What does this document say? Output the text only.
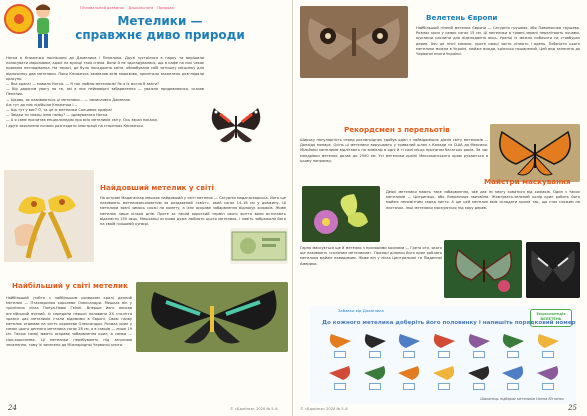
Пізнавальний розвиток Дошкільнята Природа
Метелики —
справжнє диво природи

Нотка в Книжечко поспішали до Джмелика і Пенелика. Друзі зустрілися в парку та вирішили поласувати морозивом, адже на вулиці така спека. Вони й не здогадувалися, що в кафе на них чекає приємна несподіванка. На терасі, де було посаджено квіти, облюбували собі затишну місцинку для відпочинку два метелики. Поки Книжечка замовляв всім морозиво, прилітали захоплено розглядали красунь:

— Яка краса! — мовила Нотка. — Я так люблю метеликів! Як я їх могла б звати?

— Вір дорогим увагу на те, які в них неймовірні забарвлення — уважно придивлялися, сказав Пенелик.

— Цікаво, як називаються ці метелики… — замислився Джмелик.

Аж тут до них підійшла Книжечка і…

— Що тут у вас? О, та це ж метелики Сонцевик адміра!

— Звідки ти знаєш їхню назву? — здивувалася Нотка.

— А я саме прочитав енциклопедію про всіх метеликів світу. Ось зараз покажу.

І друзі захоплено почали розглядати ілюстрації на сторінках Книжечки.

Найдовший метелик у світі
На острові Мадагаскар мешкає найдовший у світі метелик — Сатурнія мадагаскарська. Його ще називають метеликом-кометою за роздвоєний «хвіст», який сягає 14–16 см у довжину. Ці метелики зовні чимось схожі на комету, а їхнє яскраве забарвлення відлякує хижаків. Живе метелик лише кілька днів. Проте за такий короткий термін свого життя вони встигають відкласти 150 яєць. Мешканці острова дуже люблять цього метелика, і навіть зображали його на своїй грошовій купюрі.
Найбільший у світі метелик
Найбільший (тобто з найбільшим розмахом крил) денний метелик — Птахокрилка королеви Олександри. Мешкає він у тропічних лісах Папуа-Нової Гвінеї. Вперше його описав англійський вчений. Із середини першої половини XX століття зразки цих метеликів стали відомими в Європі. Свою назву метелик отримав на честь королеви Олександри. Розмах крил у самок цього денного метелика сягає 28 см, а в самців — лише 19 см. Також самці мають яскраве забарвлення крил, а самки — сіро-коричневе. Ці метелики перебувають під загрозою зникнення, тому їх занесено до Міжнародної Червоної книги.
24	© «Бджілка» 2020 № 5–6
Велетень Європи
Найбільший нічний метелик Європи — Сатурнія грушева, або Павиноочка грушева. Розмах крил у самок сягає 15 см. Ці метелики в травні-червні перелітають ночами, шукаючи рослини для відкладання яєць. Уранці їх можна побачити на стовбурах дерев. Хоч це нічні комахи, проте самці часто літають і вдень. Побачити цього метелика можна в Україні, майже всюди, кріпсько поширений, Цей вид занесено до Червоної книги України.
Рекордсмен з перельотів
Широку популярність серед рослиноїдних здобув один з найвідоміших діячів світу метеликів — Данаїда монарх. Осінь ці метелики вирушають у тривалий шлях з Канади та США до Мексики. Мільйони метеликів відлітають на зимівлю в одні й ті самі місця протягом багатьох років. За час мандрівки метелик долає до 2500 км. Усі метелики країні Мексиканського краю рухаються в цьому напрямку.
Майстри маскування
Деякі метелики мають таке забарвлення, яке дає їм змогу ховатися від хижаків. Один з таких метеликів — Цитринець, або Лимонниця звичайна. Жовтувато-зелений колір крил робить його майже непомітним серед листя. А ще цей метелик вміє складати крила так, що стає схожим на листочок. Інші метелики маскуються під кору дерев.
Гарно маскується ще й метелик з прозорими крилами — Грета ото, якого ще називають «скляним метеликом». Прозорі ділянки його крил роблять метелика майже невидимим. Живе він у лісах Центральної та Південної Америки.
25
© «Бджілка» 2020 № 5–6
Забавки від Джмелика
Енциклопедія ВЕЛЕТЕНЬ
До кожного метелика доберіть його половинку і напишіть порядковий номер
Шиканець підбирає метеликів Нанна Вітченко
